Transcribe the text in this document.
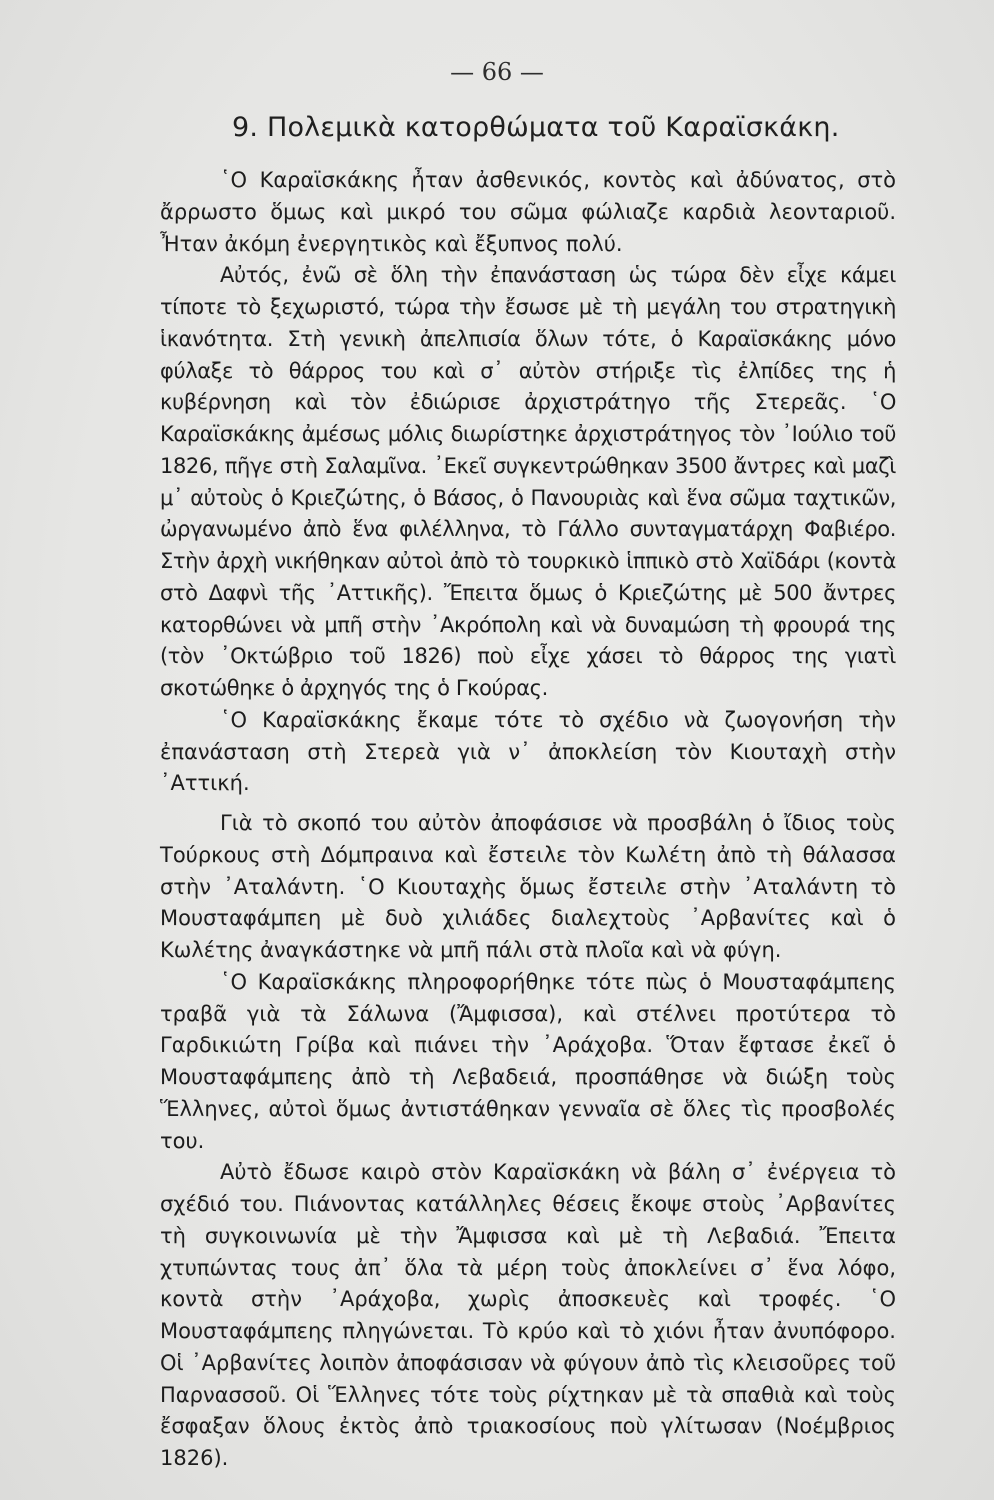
— 66 —
9. Πολεμικὰ κατορθώματα τοῦ Καραϊσκάκη.

῾Ο Καραϊσκάκης ἦταν ἀσθενικός, κοντὸς καὶ ἀδύνατος, στὸ ἄρρωστο ὅμως καὶ μικρό του σῶμα φώλιαζε καρδιὰ λεονταριοῦ. Ἦταν ἀκόμη ἐνεργητικὸς καὶ ἔξυπνος πολύ.

Αὐτός, ἐνῶ σὲ ὅλη τὴν ἐπανάσταση ὡς τώρα δὲν εἶχε κάμει τίποτε τὸ ξεχωριστό, τώρα τὴν ἔσωσε μὲ τὴ μεγάλη του στρατηγικὴ ἱκανότητα. Στὴ γενικὴ ἀπελπισία ὅλων τότε, ὁ Καραϊσκάκης μόνο φύλαξε τὸ θάρρος του καὶ σ᾿ αὐτὸν στήριξε τὶς ἐλπίδες της ἡ κυβέρνηση καὶ τὸν ἐδιώρισε ἀρχιστράτηγο τῆς Στερεᾶς. ῾Ο Καραϊσκάκης ἀμέσως μόλις διωρίστηκε ἀρχιστράτηγος τὸν ᾿Ιούλιο τοῦ 1826, πῆγε στὴ Σαλαμῖνα. ᾿Εκεῖ συγκεντρώθηκαν 3500 ἄντρες καὶ μαζὶ μ᾿ αὐτοὺς ὁ Κριεζώτης, ὁ Βάσος, ὁ Πανουριὰς καὶ ἕνα σῶμα ταχτικῶν, ὠργανωμένο ἀπὸ ἕνα φιλέλληνα, τὸ Γάλλο συνταγματάρχη Φαβιέρο. Στὴν ἀρχὴ νικήθηκαν αὐτοὶ ἀπὸ τὸ τουρκικὸ ἱππικὸ στὸ Χαϊδάρι (κοντὰ στὸ Δαφνὶ τῆς ᾿Αττικῆς). Ἔπειτα ὅμως ὁ Κριεζώτης μὲ 500 ἄντρες κατορθώνει νὰ μπῆ στὴν ᾿Ακρόπολη καὶ νὰ δυναμώση τὴ φρουρά της (τὸν ᾿Οκτώβριο τοῦ 1826) ποὺ εἶχε χάσει τὸ θάρρος της γιατὶ σκοτώθηκε ὁ ἀρχηγός της ὁ Γκούρας.

῾Ο Καραϊσκάκης ἔκαμε τότε τὸ σχέδιο νὰ ζωογονήση τὴν ἐπανάσταση στὴ Στερεὰ γιὰ ν᾿ ἀποκλείση τὸν Κιουταχὴ στὴν ᾿Αττική.

Γιὰ τὸ σκοπό του αὐτὸν ἀποφάσισε νὰ προσβάλη ὁ ἴδιος τοὺς Τούρκους στὴ Δόμπραινα καὶ ἔστειλε τὸν Κωλέτη ἀπὸ τὴ θάλασσα στὴν ᾿Αταλάντη. ῾Ο Κιουταχὴς ὅμως ἔστειλε στὴν ᾿Αταλάντη τὸ Μουσταφάμπεη μὲ δυὸ χιλιάδες διαλεχτοὺς ᾿Αρβανίτες καὶ ὁ Κωλέτης ἀναγκάστηκε νὰ μπῆ πάλι στὰ πλοῖα καὶ νὰ φύγη.

῾Ο Καραϊσκάκης πληροφορήθηκε τότε πὼς ὁ Μουσταφάμπεης τραβᾶ γιὰ τὰ Σάλωνα (Ἄμφισσα), καὶ στέλνει προτύτερα τὸ Γαρδικιώτη Γρίβα καὶ πιάνει τὴν ᾿Αράχοβα. Ὅταν ἔφτασε ἐκεῖ ὁ Μουσταφάμπεης ἀπὸ τὴ Λεβαδειά, προσπάθησε νὰ διώξη τοὺς Ἕλληνες, αὐτοὶ ὅμως ἀντιστάθηκαν γενναῖα σὲ ὅλες τὶς προσβολές του.

Αὐτὸ ἔδωσε καιρὸ στὸν Καραϊσκάκη νὰ βάλη σ᾿ ἐνέργεια τὸ σχέδιό του. Πιάνοντας κατάλληλες θέσεις ἔκοψε στοὺς ᾿Αρβανίτες τὴ συγκοινωνία μὲ τὴν Ἄμφισσα καὶ μὲ τὴ Λεβαδιά. Ἔπειτα χτυπώντας τους ἀπ᾿ ὅλα τὰ μέρη τοὺς ἀποκλείνει σ᾿ ἕνα λόφο, κοντὰ στὴν ᾿Αράχοβα, χωρὶς ἀποσκευὲς καὶ τροφές. ῾Ο Μουσταφάμπεης πληγώνεται. Τὸ κρύο καὶ τὸ χιόνι ἦταν ἀνυπόφορο. Οἱ ᾿Αρβανίτες λοιπὸν ἀποφάσισαν νὰ φύγουν ἀπὸ τὶς κλεισοῦρες τοῦ Παρνασσοῦ. Οἱ Ἕλληνες τότε τοὺς ρίχτηκαν μὲ τὰ σπαθιὰ καὶ τοὺς ἔσφαξαν ὅλους ἐκτὸς ἀπὸ τριακοσίους ποὺ γλίτωσαν (Νοέμβριος 1826).
